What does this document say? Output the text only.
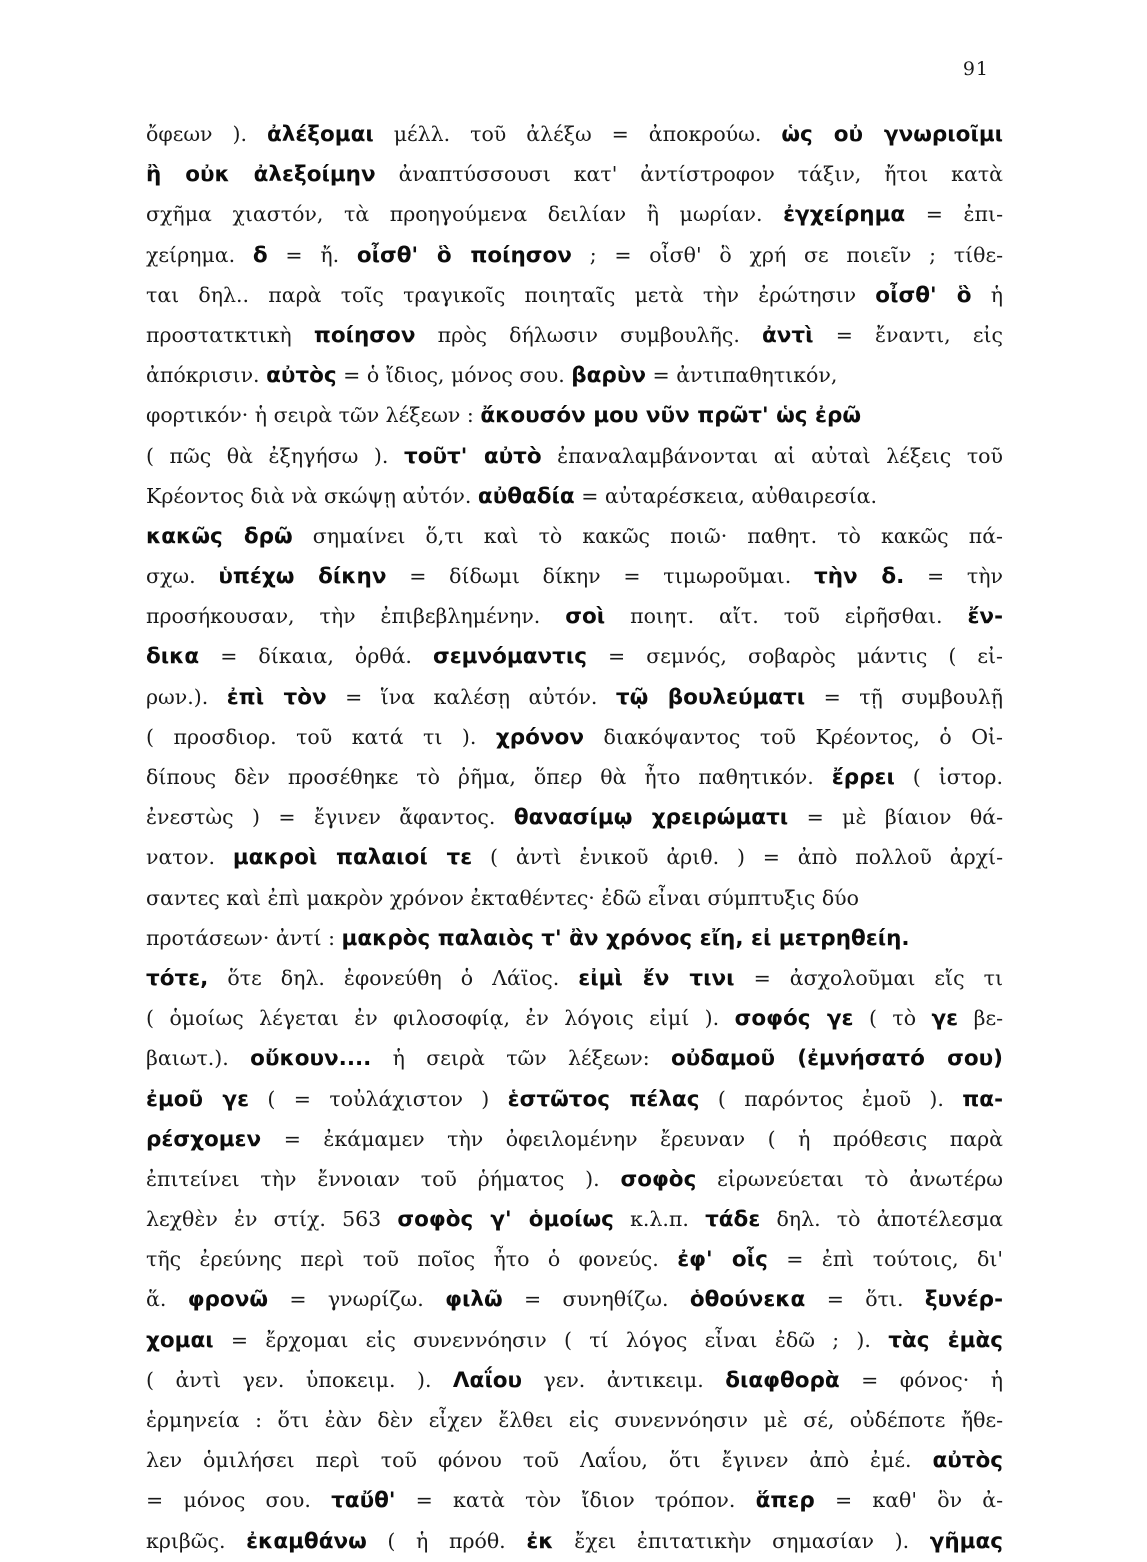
91
ὄφεων ). ἀλέξομαι μέλλ. τοῦ ἀλέξω = ἀποκρούω. ὡς οὐ γνωριοῖμι
ἢ οὐκ ἀλεξοίμην ἀναπτύσσουσι κατ' ἀντίστροφον τάξιν, ἤτοι κατὰ
σχῆμα χιαστόν, τὰ προηγούμενα δειλίαν ἢ μωρίαν. ἐγχείρημα = ἐπι-
χείρημα. δ = ἤ. οἶσθ' ὃ ποίησον ; = οἶσθ' ὃ χρή σε ποιεῖν ; τίθε-
ται δηλ.. παρὰ τοῖς τραγικοῖς ποιηταῖς μετὰ τὴν ἐρώτησιν οἶσθ' ὃ ἡ
προστατκτικὴ ποίησον πρὸς δήλωσιν συμβουλῆς. ἀντὶ = ἔναντι, εἰς
ἀπόκρισιν. αὐτὸς = ὁ ἴδιος, μόνος σου. βαρὺν = ἀντιπαθητικόν,
φορτικόν· ἡ σειρὰ τῶν λέξεων : ἄκουσόν μου νῦν πρῶτ' ὡς ἐρῶ
( πῶς θὰ ἐξηγήσω ). τοῦτ' αὐτὸ ἐπαναλαμβάνονται αἱ αὐταὶ λέξεις τοῦ
Κρέοντος διὰ νὰ σκώψῃ αὐτόν. αὐθαδία = αὐταρέσκεια, αὐθαιρεσία.
κακῶς δρῶ σημαίνει ὅ,τι καὶ τὸ κακῶς ποιῶ· παθητ. τὸ κακῶς πά-
σχω. ὑπέχω δίκην = δίδωμι δίκην = τιμωροῦμαι. τὴν δ. = τὴν
προσήκουσαν, τὴν ἐπιβεβλημένην. σοὶ ποιητ. αἴτ. τοῦ εἰρῆσθαι. ἔν-
δικα = δίκαια, ὀρθά. σεμνόμαντις = σεμνός, σοβαρὸς μάντις ( εἰ-
ρων.). ἐπὶ τὸν = ἵνα καλέσῃ αὐτόν. τῷ βουλεύματι = τῇ συμβουλῇ
( προσδιορ. τοῦ κατά τι ). χρόνον διακόψαντος τοῦ Κρέοντος, ὁ Οἰ-
δίπους δὲν προσέθηκε τὸ ῥῆμα, ὅπερ θὰ ἦτο παθητικόν. ἔρρει ( ἱστορ.
ἐνεστὼς ) = ἔγινεν ἄφαντος. θανασίμῳ χρειρώματι = μὲ βίαιον θά-
νατον. μακροὶ παλαιοί τε ( ἀντὶ ἑνικοῦ ἀριθ. ) = ἀπὸ πολλοῦ ἀρχί-
σαντες καὶ ἐπὶ μακρὸν χρόνον ἐκταθέντες· ἐδῶ εἶναι σύμπτυξις δύο
προτάσεων· ἀντί : μακρὸς παλαιὸς τ' ἂν χρόνος εἴη, εἰ μετρηθείη.
τότε, ὅτε δηλ. ἐφονεύθη ὁ Λάϊος. εἰμὶ ἔν τινι = ἀσχολοῦμαι εἴς τι
( ὁμοίως λέγεται ἐν φιλοσοφίᾳ, ἐν λόγοις εἰμί ). σοφός γε ( τὸ γε βε-
βαιωτ.). οὔκουν.... ἡ σειρὰ τῶν λέξεων: οὐδαμοῦ (ἐμνήσατό σου)
ἐμοῦ γε ( = τοὐλάχιστον ) ἑστῶτος πέλας ( παρόντος ἐμοῦ ). πα-
ρέσχομεν = ἐκάμαμεν τὴν ὀφειλομένην ἔρευναν ( ἡ πρόθεσις παρὰ
ἐπιτείνει τὴν ἔννοιαν τοῦ ῥήματος ). σοφὸς εἰρωνεύεται τὸ ἀνωτέρω
λεχθὲν ἐν στίχ. 563 σοφὸς γ' ὁμοίως κ.λ.π. τάδε δηλ. τὸ ἀποτέλεσμα
τῆς ἐρεύνης περὶ τοῦ ποῖος ἦτο ὁ φονεύς. ἐφ' οἷς = ἐπὶ τούτοις, δι'
ἅ. φρονῶ = γνωρίζω. φιλῶ = συνηθίζω. ὁθούνεκα = ὅτι. ξυνέρ-
χομαι = ἔρχομαι εἰς συνεννόησιν ( τί λόγος εἶναι ἐδῶ ; ). τὰς ἐμὰς
( ἀντὶ γεν. ὑποκειμ. ). Λαΐου γεν. ἀντικειμ. διαφθορὰ = φόνος· ἡ
ἑρμηνεία : ὅτι ἐὰν δὲν εἶχεν ἔλθει εἰς συνεννόησιν μὲ σέ, οὐδέποτε ἤθε-
λεν ὁμιλήσει περὶ τοῦ φόνου τοῦ Λαΐου, ὅτι ἔγινεν ἀπὸ ἐμέ. αὐτὸς
= μόνος σου. ταὔθ' = κατὰ τὸν ἴδιον τρόπον. ἅπερ = καθ' ὃν ἀ-
κριβῶς. ἐκαμθάνω ( ἡ πρόθ. ἐκ ἔχει ἐπιτατικὴν σημασίαν ). γῆμας
